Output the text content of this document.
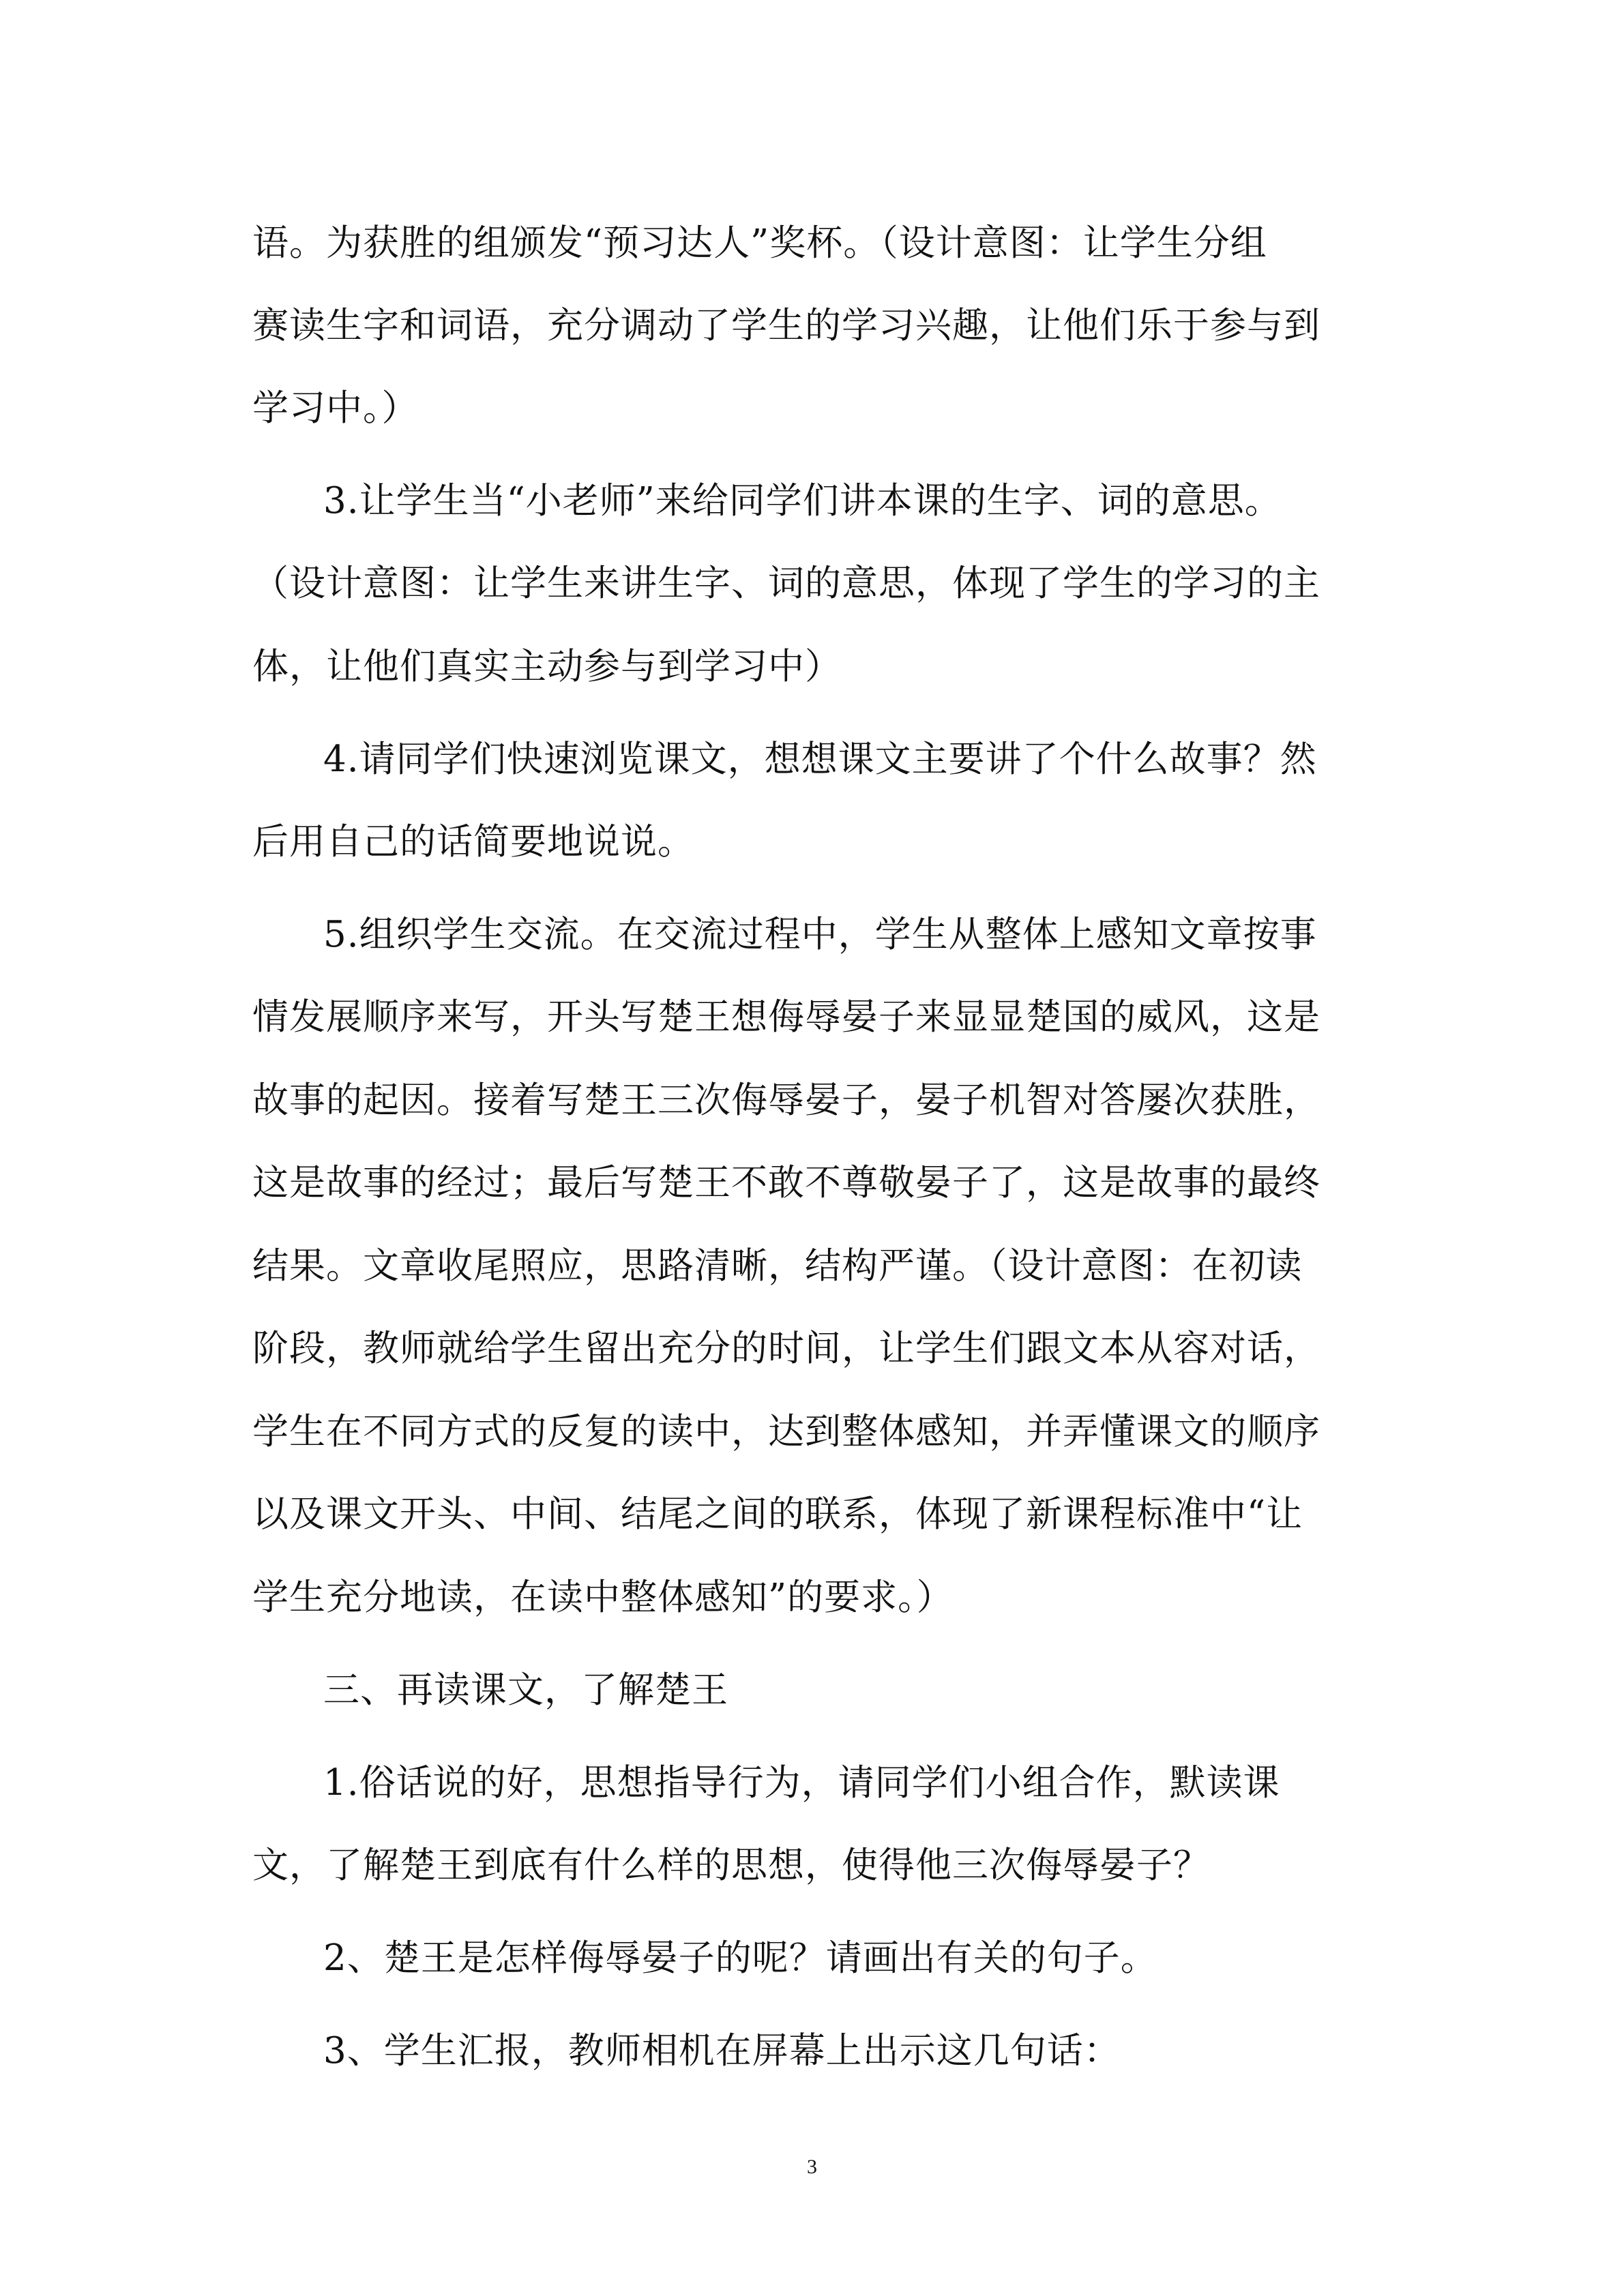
语。为获胜的组颁发“预习达人”奖杯。（设计意图：让学生分组
赛读生字和词语，充分调动了学生的学习兴趣，让他们乐于参与到
学习中。）
3.让学生当“小老师”来给同学们讲本课的生字、词的意思。
（设计意图：让学生来讲生字、词的意思，体现了学生的学习的主
体，让他们真实主动参与到学习中）
4.请同学们快速浏览课文，想想课文主要讲了个什么故事？然
后用自己的话简要地说说。
5.组织学生交流。在交流过程中，学生从整体上感知文章按事
情发展顺序来写，开头写楚王想侮辱晏子来显显楚国的威风，这是
故事的起因。接着写楚王三次侮辱晏子，晏子机智对答屡次获胜，
这是故事的经过；最后写楚王不敢不尊敬晏子了，这是故事的最终
结果。文章收尾照应，思路清晰，结构严谨。（设计意图：在初读
阶段，教师就给学生留出充分的时间，让学生们跟文本从容对话，
学生在不同方式的反复的读中，达到整体感知，并弄懂课文的顺序
以及课文开头、中间、结尾之间的联系，体现了新课程标准中“让
学生充分地读，在读中整体感知”的要求。）
三、再读课文，了解楚王
1.俗话说的好，思想指导行为，请同学们小组合作，默读课
文，了解楚王到底有什么样的思想，使得他三次侮辱晏子？
2、楚王是怎样侮辱晏子的呢？请画出有关的句子。
3、学生汇报，教师相机在屏幕上出示这几句话：
3
